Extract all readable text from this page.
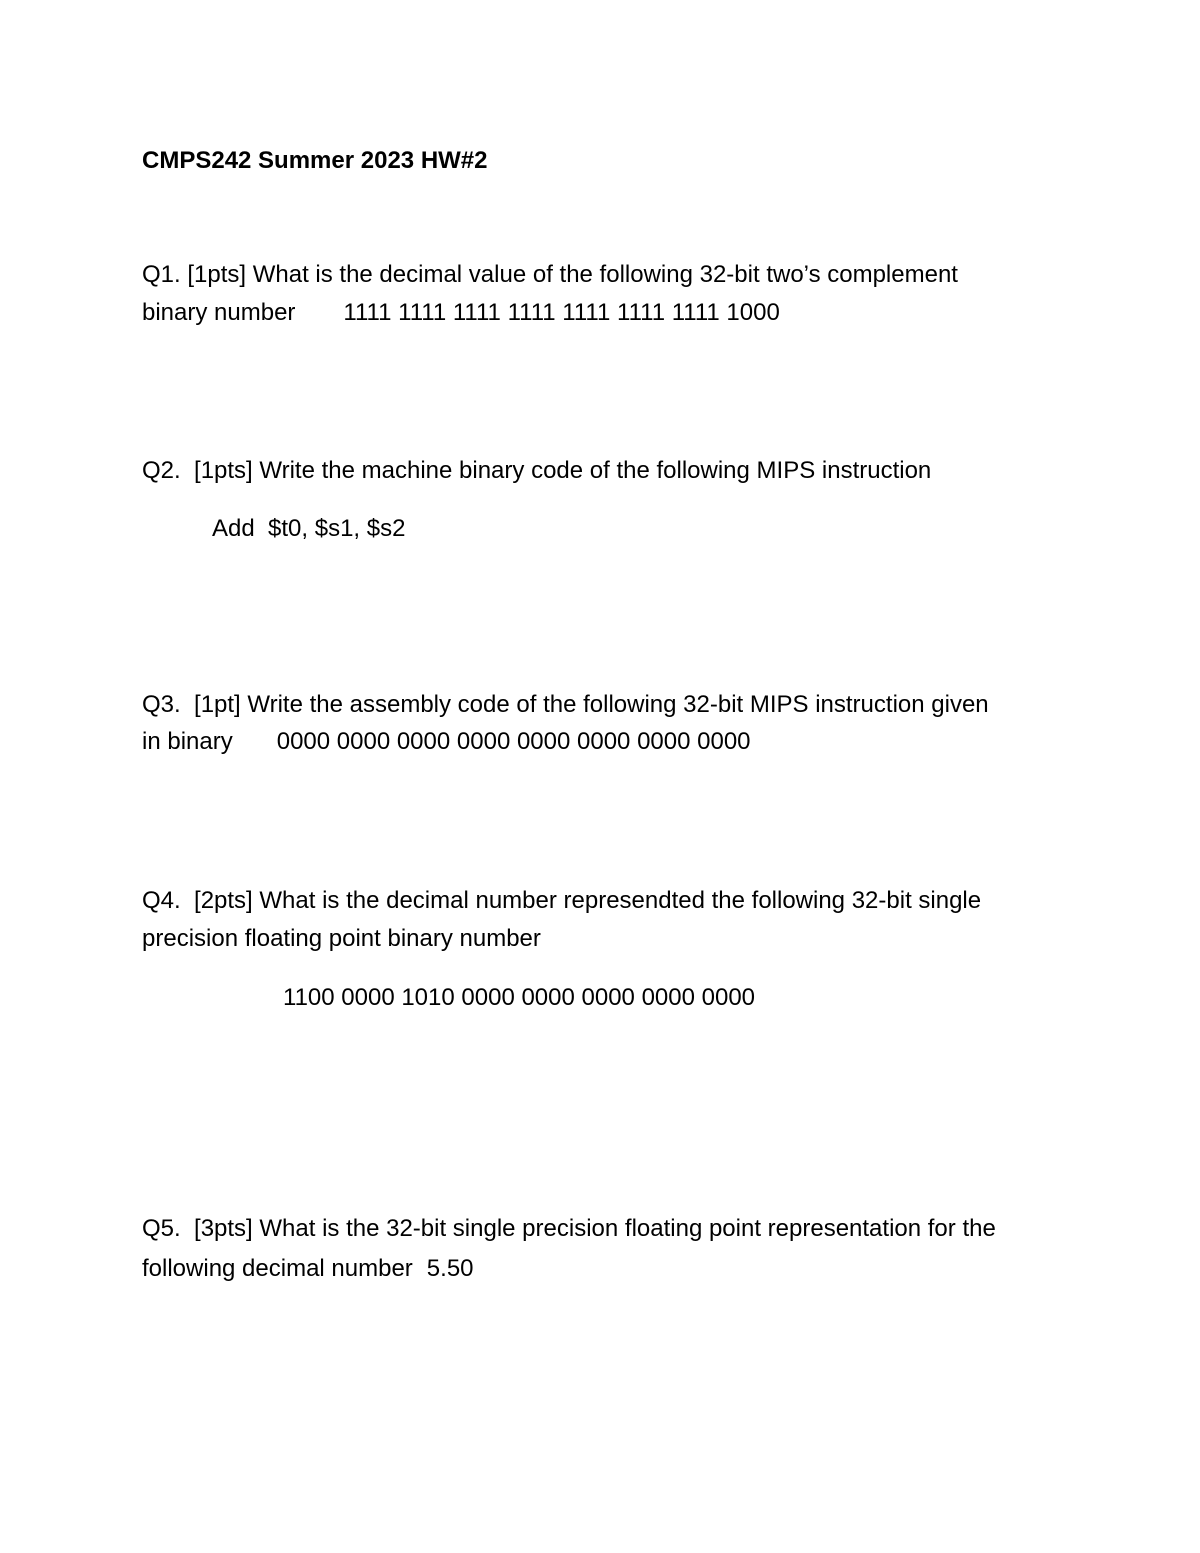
CMPS242 Summer 2023 HW#2
Q1. [1pts] What is the decimal value of the following 32-bit two’s complement
binary number 1111 1111 1111 1111 1111 1111 1111 1000
Q2.  [1pts] Write the machine binary code of the following MIPS instruction
Add  $t0, $s1, $s2
Q3.  [1pt] Write the assembly code of the following 32-bit MIPS instruction given
in binary 0000 0000 0000 0000 0000 0000 0000 0000
Q4.  [2pts] What is the decimal number represendted the following 32-bit single
precision floating point binary number
1100 0000 1010 0000 0000 0000 0000 0000
Q5.  [3pts] What is the 32-bit single precision floating point representation for the
following decimal number 5.50
